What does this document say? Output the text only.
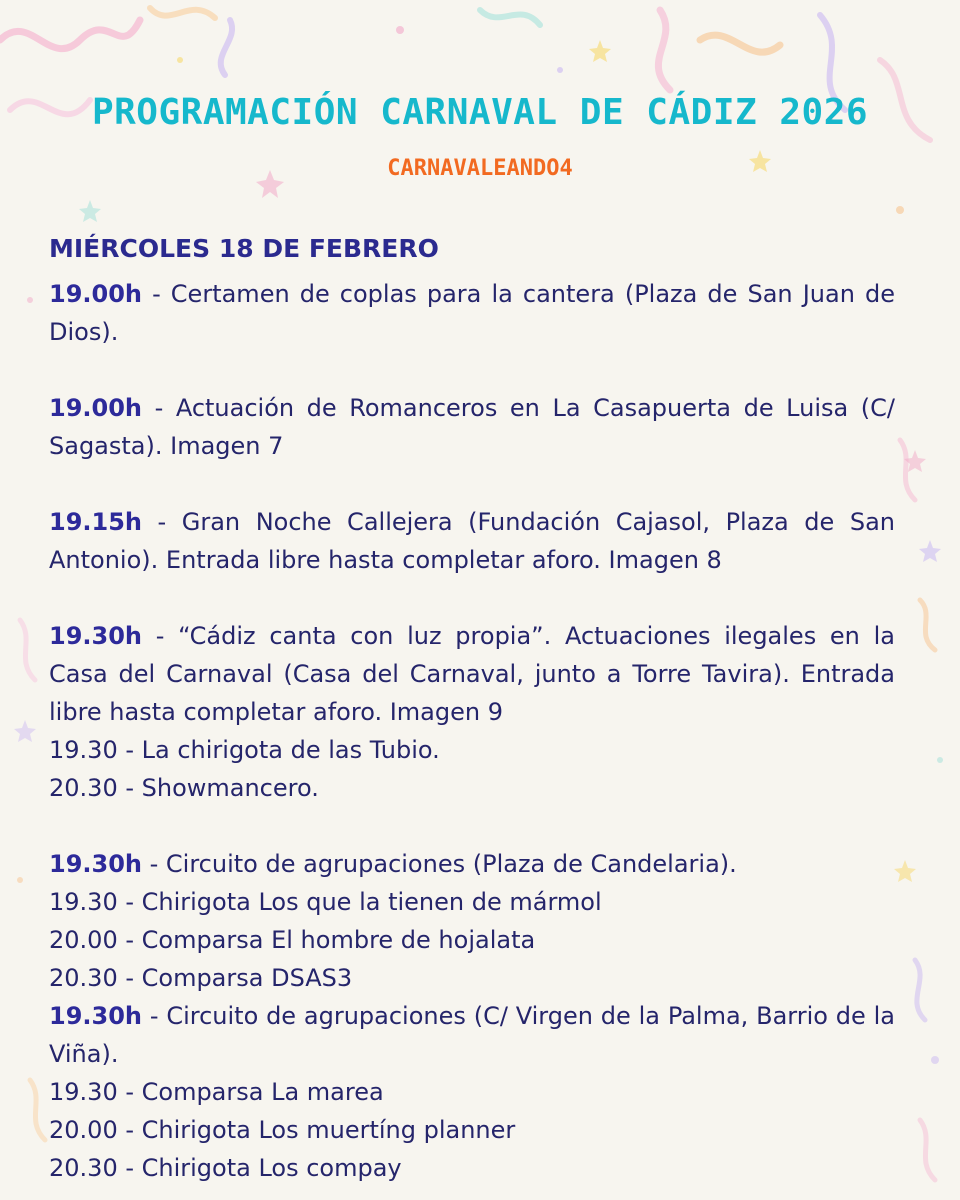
PROGRAMACIÓN CARNAVAL DE CÁDIZ 2026
CARNAVALEANDO4
MIÉRCOLES 18 DE FEBRERO

19.00h - Certamen de coplas para la cantera (Plaza de San Juan de Dios).

19.00h - Actuación de Romanceros en La Casapuerta de Luisa (C/ Sagasta). Imagen 7

19.15h - Gran Noche Callejera (Fundación Cajasol, Plaza de San Antonio). Entrada libre hasta completar aforo. Imagen 8

19.30h - “Cádiz canta con luz propia”. Actuaciones ilegales en la Casa del Carnaval (Casa del Carnaval, junto a Torre Tavira). Entrada libre hasta completar aforo. Imagen 9

19.30 - La chirigota de las Tubio.

20.30 - Showmancero.

19.30h - Circuito de agrupaciones (Plaza de Candelaria).

19.30 - Chirigota Los que la tienen de mármol

20.00 - Comparsa El hombre de hojalata

20.30 - Comparsa DSAS3

19.30h - Circuito de agrupaciones (C/ Virgen de la Palma, Barrio de la Viña).

19.30 - Comparsa La marea

20.00 - Chirigota Los muertíng planner

20.30 - Chirigota Los compay
